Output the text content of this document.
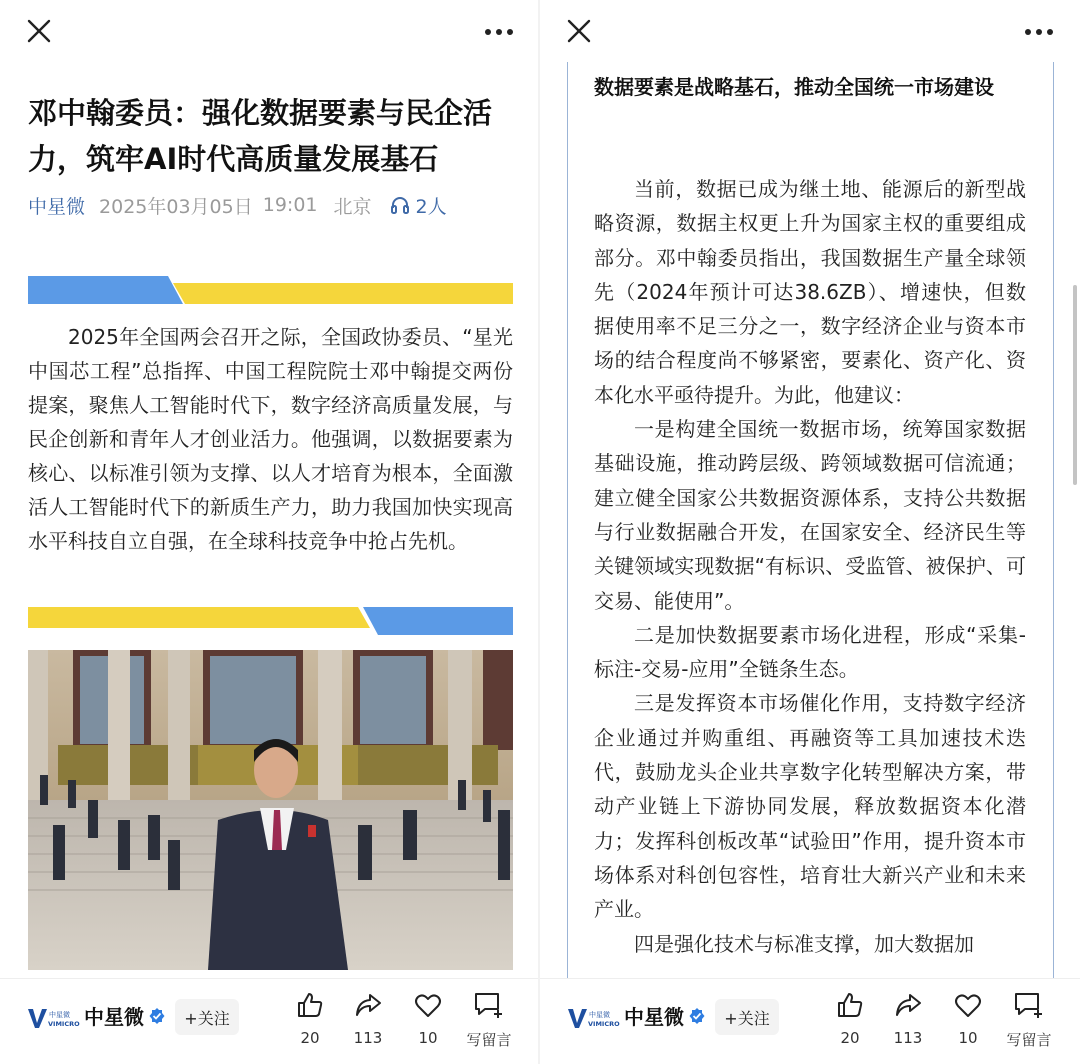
邓中翰委员：强化数据要素与民企活力，筑牢AI时代高质量发展基石
中星微 2025年03月05日 19:01 北京 2人
2025年全国两会召开之际，全国政协委员、“星光中国芯工程”总指挥、中国工程院院士邓中翰提交两份提案，聚焦人工智能时代下，数字经济高质量发展，与民企创新和青年人才创业活力。他强调，以数据要素为核心、以标准引领为支撑、以人才培育为根本，全面激活人工智能时代下的新质生产力，助力我国加快实现高水平科技自立自强，在全球科技竞争中抢占先机。
中星微
VIMICRO 中星微	+关注
20	113	10	写留言
数据要素是战略基石，推动全国统一市场建设

当前，数据已成为继土地、能源后的新型战略资源，数据主权更上升为国家主权的重要组成部分。邓中翰委员指出，我国数据生产量全球领先（2024年预计可达38.6ZB）、增速快，但数据使用率不足三分之一，数字经济企业与资本市场的结合程度尚不够紧密，要素化、资产化、资本化水平亟待提升。为此，他建议：

一是构建全国统一数据市场，统筹国家数据基础设施，推动跨层级、跨领域数据可信流通；建立健全国家公共数据资源体系，支持公共数据与行业数据融合开发，在国家安全、经济民生等关键领域实现数据“有标识、受监管、被保护、可交易、能使用”。

二是加快数据要素市场化进程，形成“采集-标注-交易-应用”全链条生态。

三是发挥资本市场催化作用，支持数字经济企业通过并购重组、再融资等工具加速技术迭代，鼓励龙头企业共享数字化转型解决方案，带动产业链上下游协同发展，释放数据资本化潜力；发挥科创板改革“试验田”作用，提升资本市场体系对科创包容性，培育壮大新兴产业和未来产业。

四是强化技术与标准支撑，加大数据加

中星微
VIMICRO 中星微	+关注
20	113	10	写留言
